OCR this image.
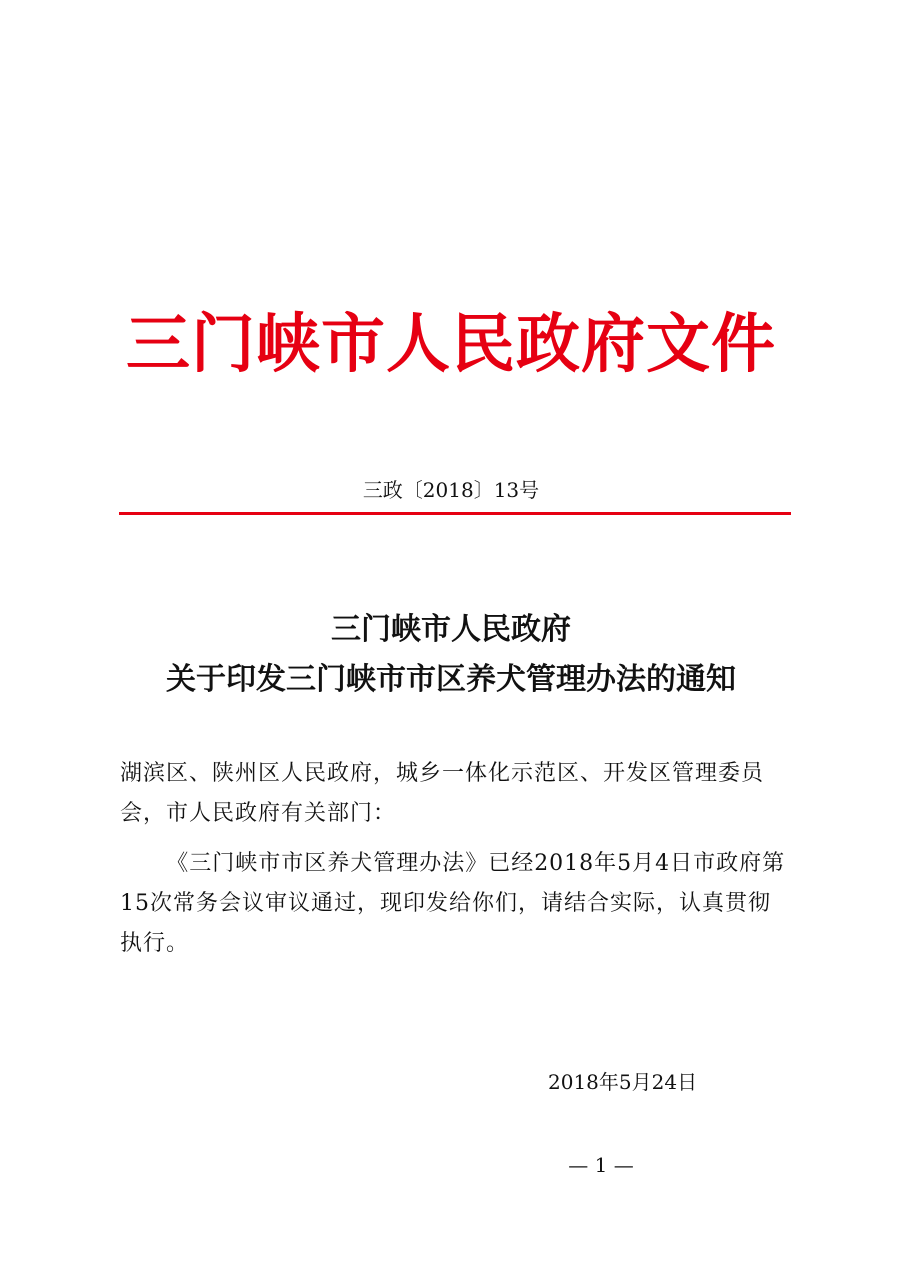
三门峡市人民政府文件
三政〔2018〕13号
三门峡市人民政府
关于印发三门峡市市区养犬管理办法的通知
湖滨区、陕州区人民政府，城乡一体化示范区、开发区管理委员会，市人民政府有关部门：
《三门峡市市区养犬管理办法》已经2018年5月4日市政府第15次常务会议审议通过，现印发给你们，请结合实际，认真贯彻执行。
2018年5月24日
— 1 —
